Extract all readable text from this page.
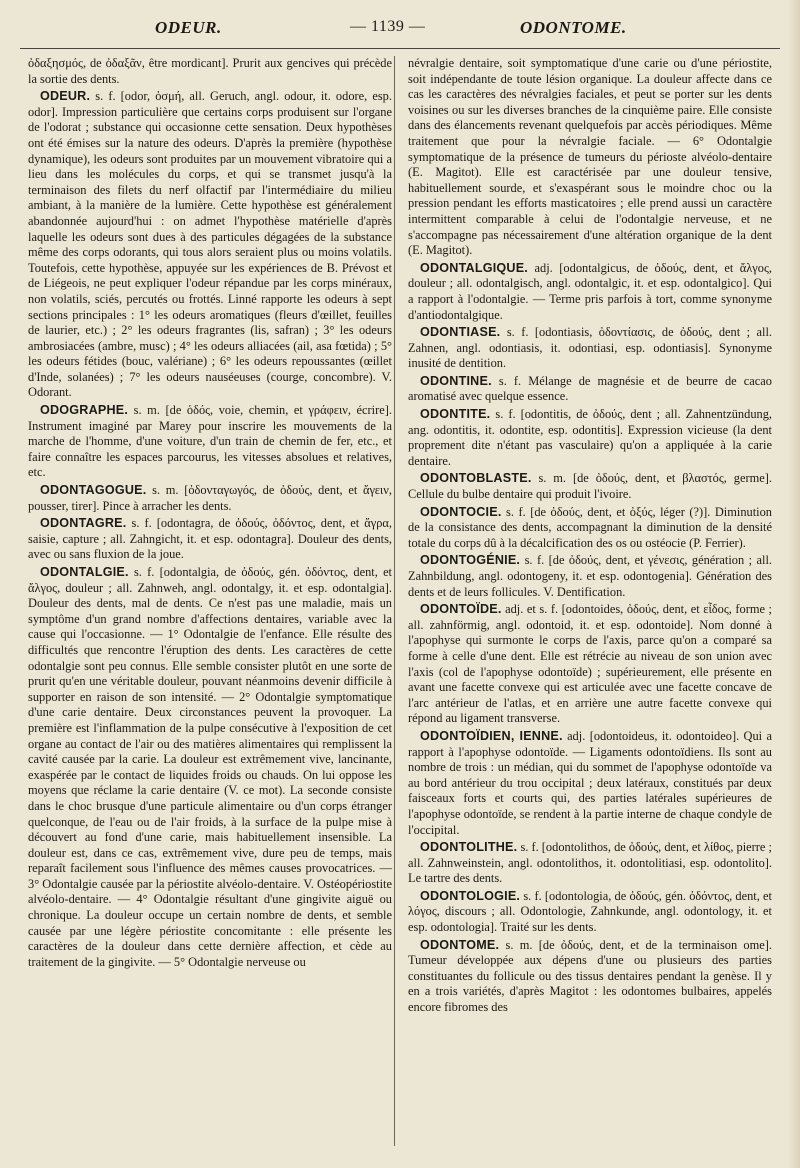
ODEUR.	— 1139 —	ODONTOME.

ὀδαξησμός, de ὀδαξᾶν, être mordicant]. Prurit aux gencives qui précède la sortie des dents.

ODEUR. s. f. [odor, ὀσμή, all. Geruch, angl. odour, it. odore, esp. odor]. Impression particulière que certains corps produisent sur l'organe de l'odorat ; substance qui occasionne cette sensation. Deux hypothèses ont été émises sur la nature des odeurs. D'après la première (hypothèse dynamique), les odeurs sont produites par un mouvement vibratoire qui a lieu dans les molécules du corps, et qui se transmet jusqu'à la terminaison des filets du nerf olfactif par l'intermédiaire du milieu ambiant, à la manière de la lumière. Cette hypothèse est généralement abandonnée aujourd'hui : on admet l'hypothèse matérielle d'après laquelle les odeurs sont dues à des particules dégagées de la substance même des corps odorants, qui tous alors seraient plus ou moins volatils. Toutefois, cette hypothèse, appuyée sur les expériences de B. Prévost et de Liégeois, ne peut expliquer l'odeur répandue par les corps minéraux, non volatils, sciés, percutés ou frottés. Linné rapporte les odeurs à sept sections principales : 1° les odeurs aromatiques (fleurs d'œillet, feuilles de laurier, etc.) ; 2° les odeurs fragrantes (lis, safran) ; 3° les odeurs ambrosiacées (ambre, musc) ; 4° les odeurs alliacées (ail, asa fœtida) ; 5° les odeurs fétides (bouc, valériane) ; 6° les odeurs repoussantes (œillet d'Inde, solanées) ; 7° les odeurs nauséeuses (courge, concombre). V. Odorant.

ODOGRAPHE. s. m. [de ὁδός, voie, chemin, et γράφειν, écrire]. Instrument imaginé par Marey pour inscrire les mouvements de la marche de l'homme, d'une voiture, d'un train de chemin de fer, etc., et faire connaître les espaces parcourus, les vitesses absolues et relatives, etc.

ODONTAGOGUE. s. m. [ὀδονταγωγός, de ὀδούς, dent, et ἄγειν, pousser, tirer]. Pince à arracher les dents.

ODONTAGRE. s. f. [odontagra, de ὀδούς, ὀδόντος, dent, et ἄγρα, saisie, capture ; all. Zahngicht, it. et esp. odontagra]. Douleur des dents, avec ou sans fluxion de la joue.

ODONTALGIE. s. f. [odontalgia, de ὀδούς, gén. ὀδόντος, dent, et ἄλγος, douleur ; all. Zahnweh, angl. odontalgy, it. et esp. odontalgia]. Douleur des dents, mal de dents. Ce n'est pas une maladie, mais un symptôme d'un grand nombre d'affections dentaires, variable avec la cause qui l'occasionne. — 1° Odontalgie de l'enfance. Elle résulte des difficultés que rencontre l'éruption des dents. Les caractères de cette odontalgie sont peu connus. Elle semble consister plutôt en une sorte de prurit qu'en une véritable douleur, pouvant néanmoins devenir difficile à supporter en raison de son intensité. — 2° Odontalgie symptomatique d'une carie dentaire. Deux circonstances peuvent la provoquer. La première est l'inflammation de la pulpe consécutive à l'exposition de cet organe au contact de l'air ou des matières alimentaires qui remplissent la cavité causée par la carie. La douleur est extrêmement vive, lancinante, exaspérée par le contact de liquides froids ou chauds. On lui oppose les moyens que réclame la carie dentaire (V. ce mot). La seconde consiste dans le choc brusque d'une particule alimentaire ou d'un corps étranger quelconque, de l'eau ou de l'air froids, à la surface de la pulpe mise à découvert au fond d'une carie, mais habituellement insensible. La douleur est, dans ce cas, extrêmement vive, dure peu de temps, mais reparaît facilement sous l'influence des mêmes causes provocatrices. — 3° Odontalgie causée par la périostite alvéolo-dentaire. V. Ostéopériostite alvéolo-dentaire. — 4° Odontalgie résultant d'une gingivite aiguë ou chronique. La douleur occupe un certain nombre de dents, et semble causée par une légère périostite concomitante : elle présente les caractères de la douleur dans cette dernière affection, et cède au traitement de la gingivite. — 5° Odontalgie nerveuse ou

névralgie dentaire, soit symptomatique d'une carie ou d'une périostite, soit indépendante de toute lésion organique. La douleur affecte dans ce cas les caractères des névralgies faciales, et peut se porter sur les dents voisines ou sur les diverses branches de la cinquième paire. Elle consiste dans des élancements revenant quelquefois par accès périodiques. Même traitement que pour la névralgie faciale. — 6° Odontalgie symptomatique de la présence de tumeurs du périoste alvéolo-dentaire (E. Magitot). Elle est caractérisée par une douleur tensive, habituellement sourde, et s'exaspérant sous le moindre choc ou la pression pendant les efforts masticatoires ; elle prend aussi un caractère intermittent comparable à celui de l'odontalgie nerveuse, et ne s'accompagne pas nécessairement d'une altération organique de la dent (E. Magitot).

ODONTALGIQUE. adj. [odontalgicus, de ὀδούς, dent, et ἄλγος, douleur ; all. odontalgisch, angl. odontalgic, it. et esp. odontalgico]. Qui a rapport à l'odontalgie. — Terme pris parfois à tort, comme synonyme d'antiodontalgique.

ODONTIASE. s. f. [odontiasis, ὀδοντίασις, de ὀδούς, dent ; all. Zahnen, angl. odontiasis, it. odontiasi, esp. odontiasis]. Synonyme inusité de dentition.

ODONTINE. s. f. Mélange de magnésie et de beurre de cacao aromatisé avec quelque essence.

ODONTITE. s. f. [odontitis, de ὀδούς, dent ; all. Zahnentzündung, ang. odontitis, it. odontite, esp. odontitis]. Expression vicieuse (la dent proprement dite n'étant pas vasculaire) qu'on a appliquée à la carie dentaire.

ODONTOBLASTE. s. m. [de ὀδούς, dent, et βλαστός, germe]. Cellule du bulbe dentaire qui produit l'ivoire.

ODONTOCIE. s. f. [de ὀδούς, dent, et ὀξύς, léger (?)]. Diminution de la consistance des dents, accompagnant la diminution de la densité totale du corps dû à la décalcification des os ou ostéocie (P. Ferrier).

ODONTOGÉNIE. s. f. [de ὀδούς, dent, et γένεσις, génération ; all. Zahnbildung, angl. odontogeny, it. et esp. odontogenia]. Génération des dents et de leurs follicules. V. Dentification.

ODONTOÏDE. adj. et s. f. [odontoides, ὀδούς, dent, et εἶδος, forme ; all. zahnförmig, angl. odontoid, it. et esp. odontoide]. Nom donné à l'apophyse qui surmonte le corps de l'axis, parce qu'on a comparé sa forme à celle d'une dent. Elle est rétrécie au niveau de son union avec l'axis (col de l'apophyse odontoïde) ; supérieurement, elle présente en avant une facette convexe qui est articulée avec une facette concave de l'arc antérieur de l'atlas, et en arrière une autre facette convexe qui répond au ligament transverse.

ODONTOÏDIEN, IENNE. adj. [odontoideus, it. odontoideo]. Qui a rapport à l'apophyse odontoïde. — Ligaments odontoïdiens. Ils sont au nombre de trois : un médian, qui du sommet de l'apophyse odontoïde va au bord antérieur du trou occipital ; deux latéraux, constitués par deux faisceaux forts et courts qui, des parties latérales supérieures de l'apophyse odontoïde, se rendent à la partie interne de chaque condyle de l'occipital.

ODONTOLITHE. s. f. [odontolithos, de ὀδούς, dent, et λίθος, pierre ; all. Zahnweinstein, angl. odontolithos, it. odontolitiasi, esp. odontolito]. Le tartre des dents.

ODONTOLOGIE. s. f. [odontologia, de ὀδούς, gén. ὀδόντος, dent, et λόγος, discours ; all. Odontologie, Zahnkunde, angl. odontology, it. et esp. odontologia]. Traité sur les dents.

ODONTOME. s. m. [de ὀδούς, dent, et de la terminaison ome]. Tumeur développée aux dépens d'une ou plusieurs des parties constituantes du follicule ou des tissus dentaires pendant la genèse. Il y en a trois variétés, d'après Magitot : les odontomes bulbaires, appelés encore fibromes des
